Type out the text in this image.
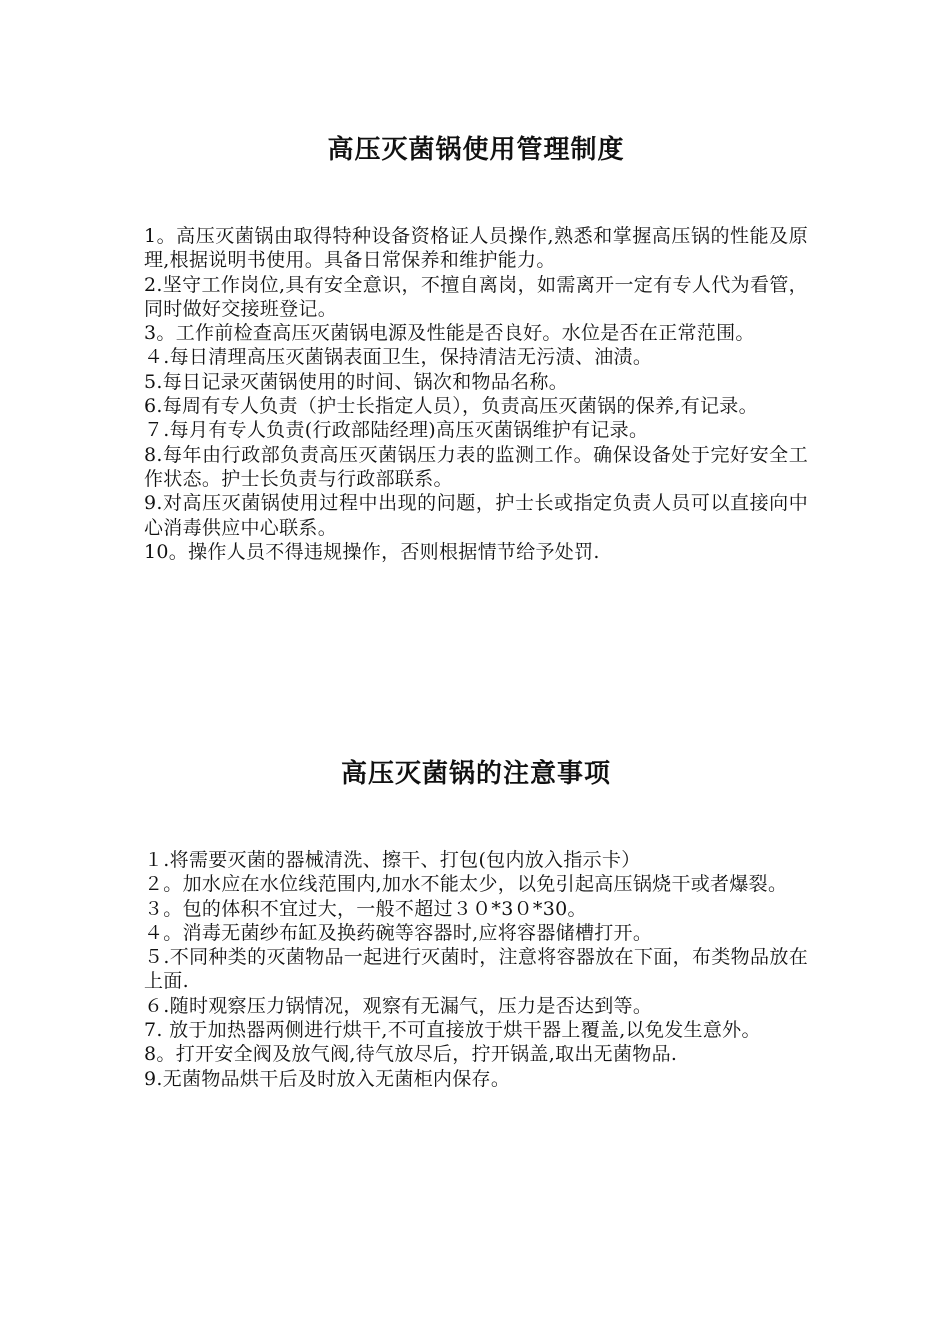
高压灭菌锅使用管理制度
1。高压灭菌锅由取得特种设备资格证人员操作,熟悉和掌握高压锅的性能及原理,根据说明书使用。具备日常保养和维护能力。
2.坚守工作岗位,具有安全意识，不擅自离岗，如需离开一定有专人代为看管，同时做好交接班登记。
3。工作前检查高压灭菌锅电源及性能是否良好。水位是否在正常范围。
４.每日清理高压灭菌锅表面卫生，保持清洁无污渍、油渍。
5.每日记录灭菌锅使用的时间、锅次和物品名称。
6.每周有专人负责（护士长指定人员），负责高压灭菌锅的保养,有记录。
７.每月有专人负责(行政部陆经理)高压灭菌锅维护有记录。
8.每年由行政部负责高压灭菌锅压力表的监测工作。确保设备处于完好安全工作状态。护士长负责与行政部联系。
9.对高压灭菌锅使用过程中出现的问题，护士长或指定负责人员可以直接向中心消毒供应中心联系。
10。操作人员不得违规操作，否则根据情节给予处罚.
高压灭菌锅的注意事项
１.将需要灭菌的器械清洗、擦干、打包(包内放入指示卡）
２。加水应在水位线范围内,加水不能太少，以免引起高压锅烧干或者爆裂。
３。包的体积不宜过大，一般不超过３０*3０*30。
４。消毒无菌纱布缸及换药碗等容器时,应将容器储槽打开。
５.不同种类的灭菌物品一起进行灭菌时，注意将容器放在下面，布类物品放在上面.
６.随时观察压力锅情况，观察有无漏气，压力是否达到等。
7. 放于加热器两侧进行烘干,不可直接放于烘干器上覆盖,以免发生意外。
8。打开安全阀及放气阀,待气放尽后，拧开锅盖,取出无菌物品.
9.无菌物品烘干后及时放入无菌柜内保存。
